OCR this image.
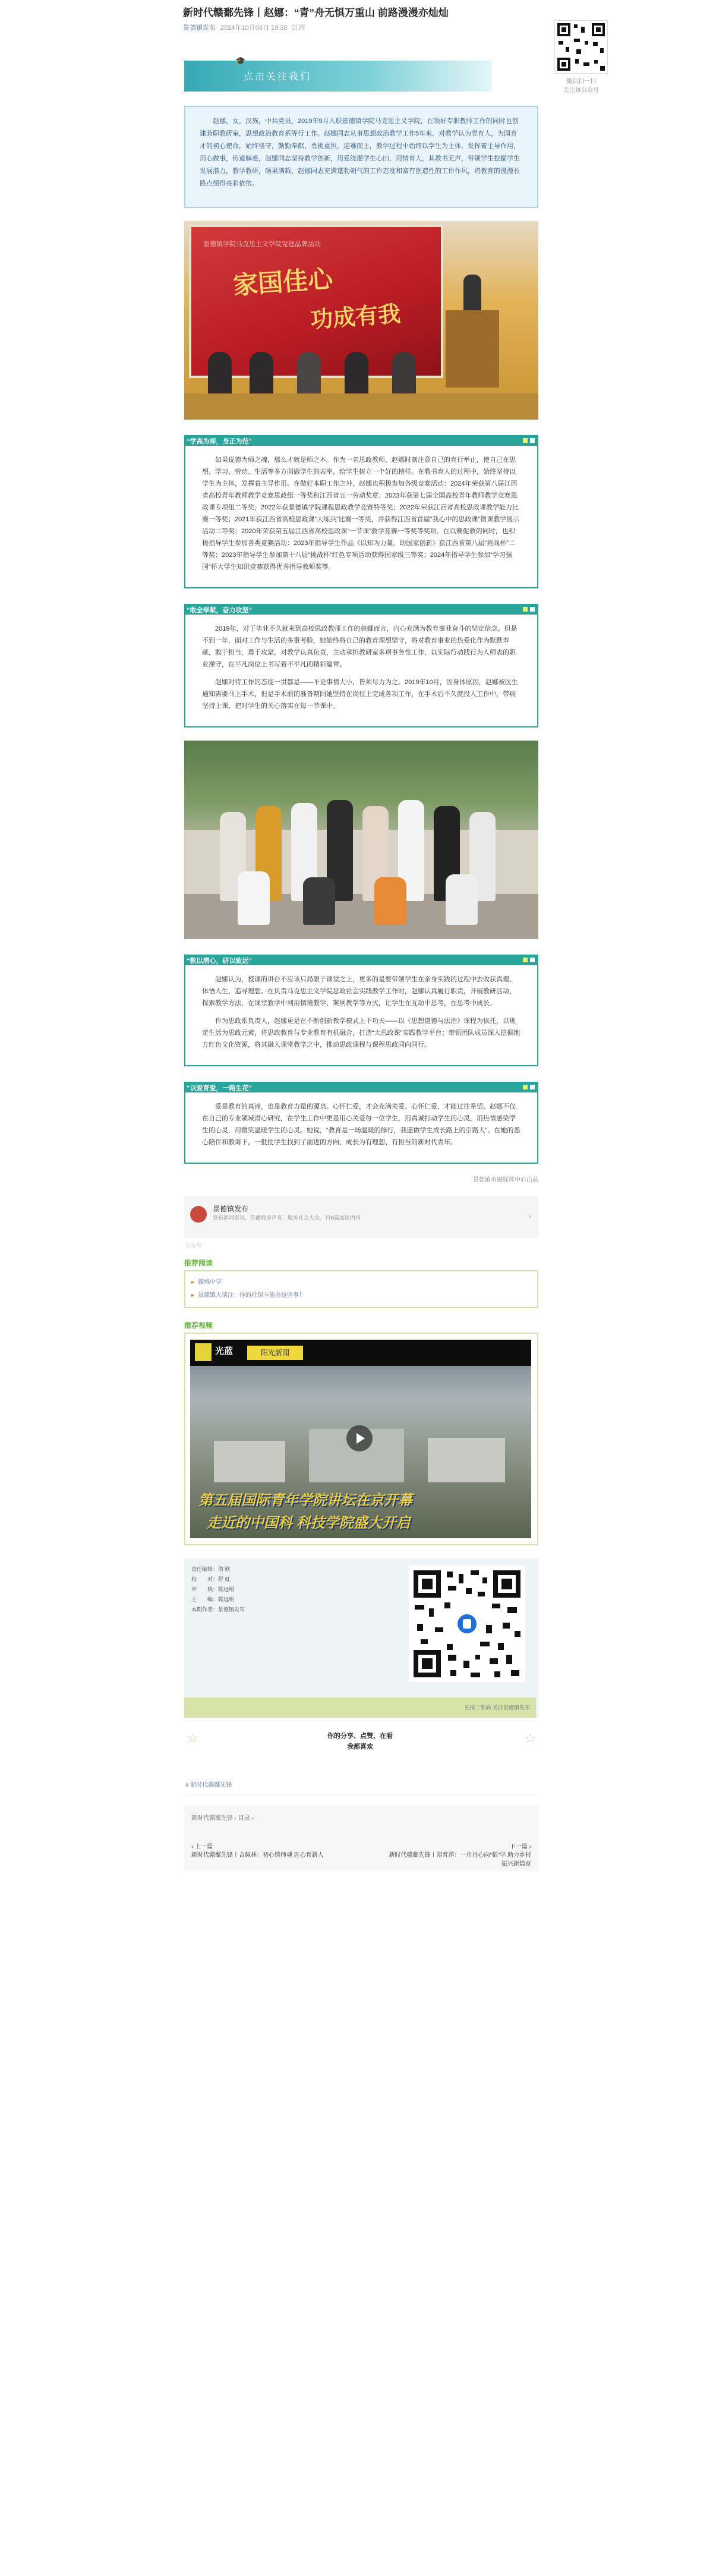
新时代赣鄱先锋丨赵娜：“青”舟无惧万重山 前路漫漫亦灿灿
景德镇发布 2024年10月06日 19:30 江西
🎓
点击关注我们
赵娜，女，汉族，中共党员，2019年9月入职景德镇学院马克思主义学院，在领好专职教师工作的同时也创建兼职教研室，思想政治教育系等行工作。赵娜同志从事思想政治教学工作5年来，对教学认为党育人，为国育才的初心使命，始终恪守，勤勤奉献，勇挑重担，迎难而上，教学过程中始终以学生为主体，发挥着主导作用，用心做事，传道解惑，赵娜同志坚持教学创新，用爱浇灌学生心田，用情育人，其教书无声，带领学生挖掘学生发展潜力，教学教研，硕果满载，赵娜同志充满蓬勃朝气的工作态度和富有创造性的工作作风，将教育的漫漫长路点缀得亮彩依依。
景德镇学院马克思主义学院党建品牌活动
家国佳心
功成有我
“学高为师，身正为范”

如果说德为师之魂，那么才就是师之本。作为一名思政教师，赵娜时刻注意自己的育行举止，使自己在思想、学习、劳动、生活等多方面做学生的表率，给学生树立一个好的榜样。在教书育人的过程中，始终坚持以学生为主体，发挥着主导作用。在做好本职工作之外，赵娜也积极参加各级竞赛活动：2024年荣获第八届江西省高校青年教师教学竞赛思政组一等奖和江西省五一劳动奖章；2023年获第七届全国高校青年教师教学竞赛思政课专项组二等奖；2022年获景德镇学院课程思政教学竞赛特等奖；2022年荣获江西省高校思政课教学能力比赛一等奖；2021年获江西省高校思政课“大练兵”比赛一等奖，并获得江西省首届“我心中的思政课”微课教学展示活动二等奖；2020年荣获第五届江西省高校思政课“一节课”教学竞赛一等奖等奖项。在以赛促教的同时，也积极指导学生参加各类竞赛活动：2023年指导学生作品《以知为力量，助国家创新》获江西省第八届“挑战杯”二等奖；2023年指导学生参加第十八届“挑战杯”红色专项活动获得国家级三等奖；2024年指导学生参加“学习强国”杯大学生知识竞赛获得优秀指导教师奖等。

“敢全奉献，奋力攻坚”

2019年，对于毕业不久就来到高校思政教师工作的赵娜而言，内心充满为教育事业奋斗的坚定信念。但是不到一年，面对工作与生活的多重考验，她始终将自己的教育理想坚守，将对教育事业的热爱化作为默默奉献，敢于担当，勇于攻坚，对教学认真负责，主动承担教研室多项事务性工作，以实际行动践行为人师表的职业操守，在平凡岗位上书写着不平凡的精彩篇章。

赵娜对待工作的态度一贯都是——不论事情大小，皆须尽力为之。2019年10月，因身体原因，赵娜被医生通知需要马上手术，但是手术前的准备期间她坚持在岗位上完成各项工作，在手术后不久就投入工作中，带病坚持上课，把对学生的关心落实在每一节课中。

“教以潜心，研以致远”

赵娜认为，授课的讲台不应该只局限于课堂之上，更多的是要带领学生在亲身实践的过程中去收获真理、体悟人生，追寻理想。在负责马克思主义学院思政社会实践教学工作时，赵娜认真履行职责，开展教研活动，探索教学方法，在课堂教学中利用情境教学、案例教学等方式，让学生在互动中思考，在思考中成长。

作为思政系负责人，赵娜更是在不断创新教学模式上下功夫——以《思想道德与法治》课程为依托，以规定生活为思政元素，将思政教育与专业教育有机融合，打造“大思政课”实践教学平台；带领团队成员深入挖掘地方红色文化资源，将其融入课堂教学之中，推动思政课程与课程思政同向同行。

“以爱育爱，一路生花”

爱是教育的真谛，也是教育力量的源泉。心怀仁爱，才会充满关爱。心怀仁爱，才能过往希望。赵娜不仅在自己的专业领域潜心研究，在学生工作中更是用心关爱每一位学生，用真诚打动学生的心灵，用热情感染学生的心灵，用微笑温暖学生的心灵。她说，“教育是一场温暖的修行，我愿做学生成长路上的引路人”。在她的悉心陪伴和教诲下，一批批学生找到了前进的方向，成长为有理想、有担当的新时代青年。

景德镇市融媒体中心出品
景德镇发布
发布新闻资讯，传播政府声音，服务社会大众。776篇原创内容	›
公众号
推荐阅读
▸ 赣城中学
▸ 景德镇人请注：你的社保卡能办这些事！
推荐视频
光蓝	阳光新闻
第五届国际青年学院讲坛在京开幕
走近的中国科 科技学院盛大开启
责任编辑：俞 欣
校　　对：舒 虹
审　　核：陈远明
主　　编：陈远明
本期作者：景德镇发布
长按二维码 关注景德镇发布
☆	你的分享、点赞、在看
我都喜欢
☆
# 新时代赣鄱先锋
新时代赣鄱先锋 · 目录 ›
‹ 上一篇
新时代赣鄱先锋丨吉佩林：初心铸师魂 匠心育新人
下一篇 ›
新时代赣鄱先锋丨郑育萍：一片丹心向“稻”学 助力乡村振兴新篇章
微信扫一扫
关注该公众号
